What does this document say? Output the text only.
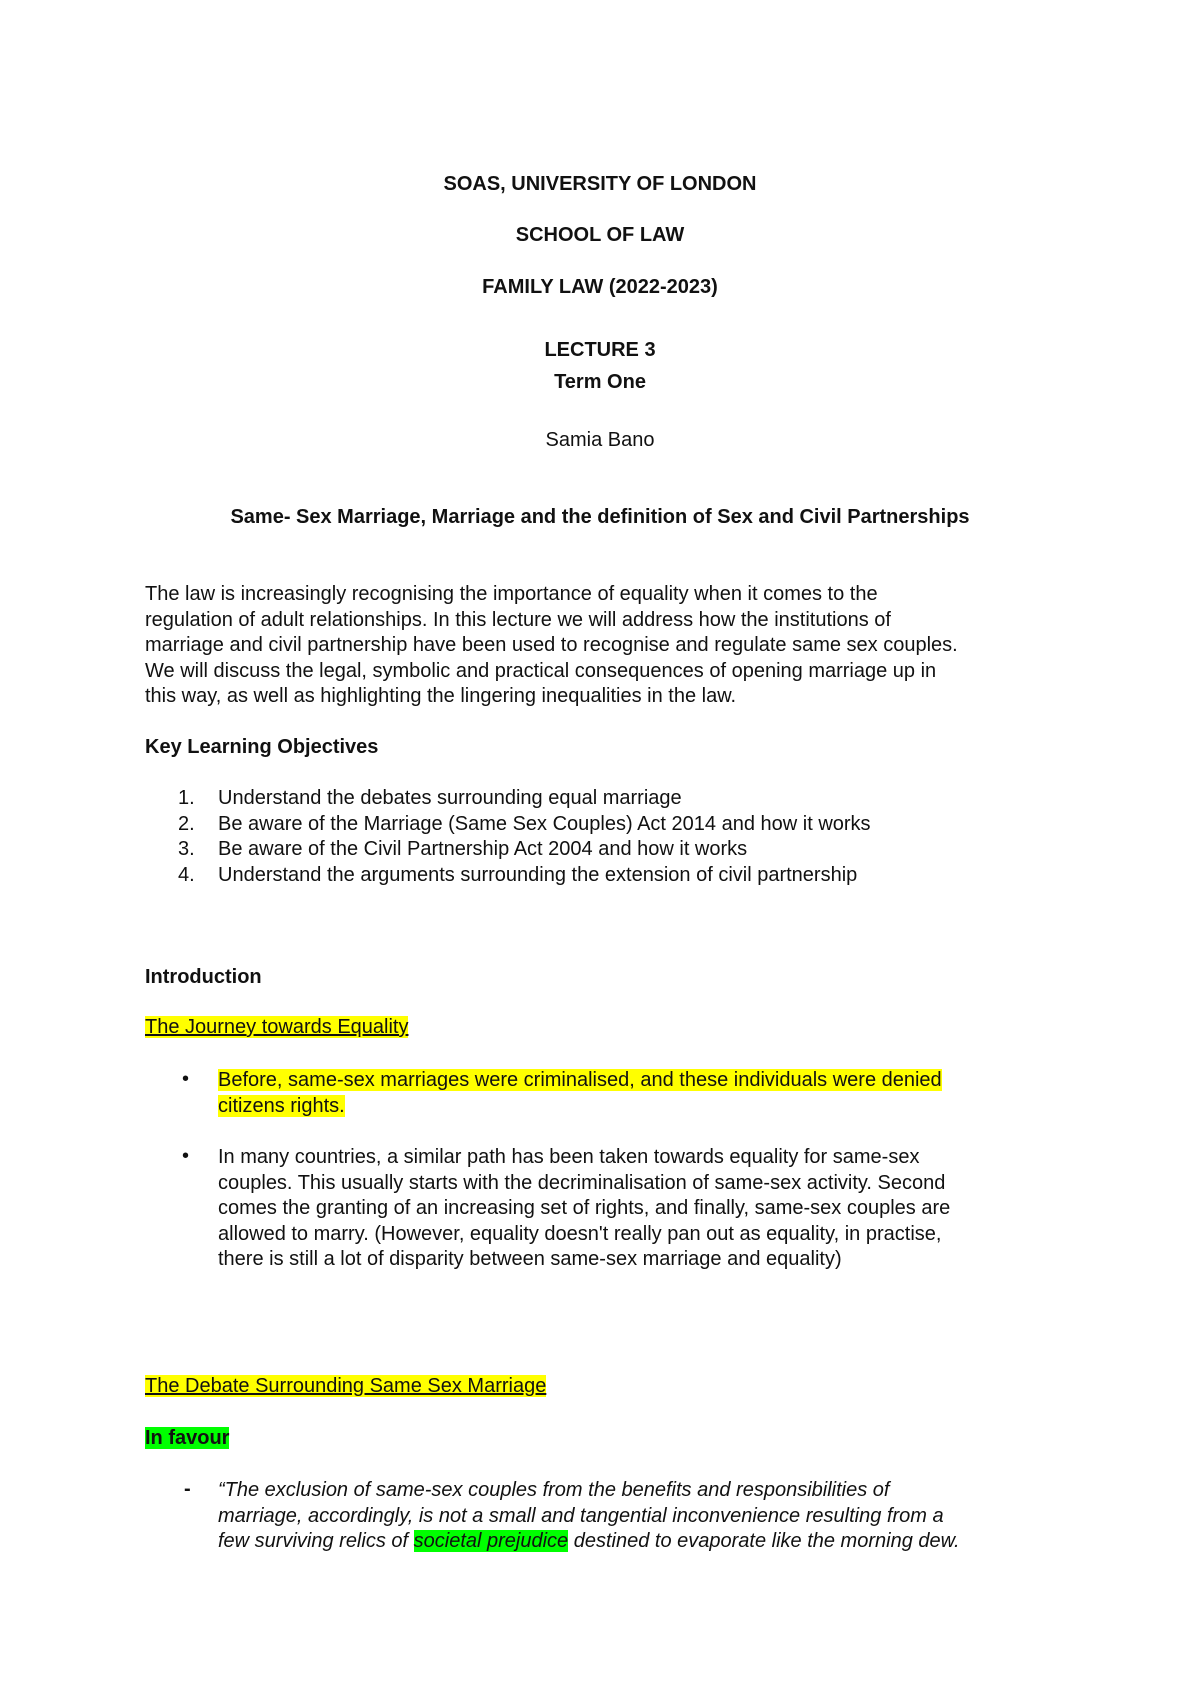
SOAS, UNIVERSITY OF LONDON

SCHOOL OF LAW

FAMILY LAW (2022-2023)

LECTURE 3

Term One

Samia Bano

Same- Sex Marriage, Marriage and the definition of Sex and Civil Partnerships

The law is increasingly recognising the importance of equality when it comes to the
regulation of adult relationships. In this lecture we will address how the institutions of
marriage and civil partnership have been used to recognise and regulate same sex couples.
We will discuss the legal, symbolic and practical consequences of opening marriage up in
this way, as well as highlighting the lingering inequalities in the law.

Key Learning Objectives

1. Understand the debates surrounding equal marriage
2. Be aware of the Marriage (Same Sex Couples) Act 2014 and how it works
3. Be aware of the Civil Partnership Act 2004 and how it works
4. Understand the arguments surrounding the extension of civil partnership

Introduction

The Journey towards Equality

• Before, same-sex marriages were criminalised, and these individuals were denied
citizens rights.
• In many countries, a similar path has been taken towards equality for same-sex
couples. This usually starts with the decriminalisation of same-sex activity. Second
comes the granting of an increasing set of rights, and finally, same-sex couples are
allowed to marry. (However, equality doesn't really pan out as equality, in practise,
there is still a lot of disparity between same-sex marriage and equality)

The Debate Surrounding Same Sex Marriage

In favour

- “The exclusion of same-sex couples from the benefits and responsibilities of
marriage, accordingly, is not a small and tangential inconvenience resulting from a
few surviving relics of societal prejudice destined to evaporate like the morning dew.
